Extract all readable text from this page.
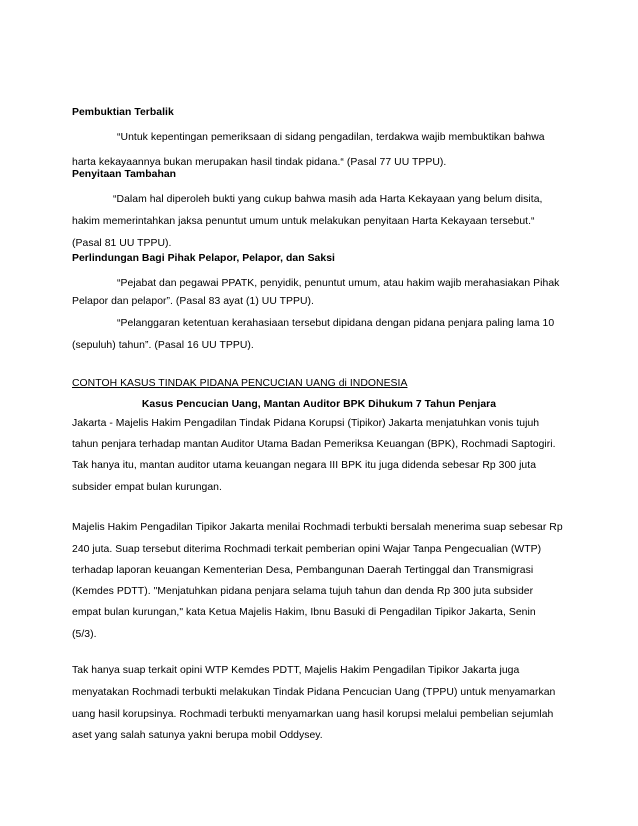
Pembuktian Terbalik
“Untuk kepentingan pemeriksaan di sidang pengadilan, terdakwa wajib membuktikan bahwa
harta kekayaannya bukan merupakan hasil tindak pidana.“ (Pasal 77 UU TPPU).
Penyitaan Tambahan
“Dalam hal diperoleh bukti yang cukup bahwa masih ada Harta Kekayaan yang belum disita,
hakim memerintahkan jaksa penuntut umum untuk melakukan penyitaan Harta Kekayaan tersebut.“
(Pasal 81 UU TPPU).
Perlindungan Bagi Pihak Pelapor, Pelapor, dan Saksi
“Pejabat dan pegawai PPATK, penyidik, penuntut umum, atau hakim wajib merahasiakan Pihak
Pelapor dan pelapor”. (Pasal 83 ayat (1) UU TPPU).
“Pelanggaran ketentuan kerahasiaan tersebut dipidana dengan pidana penjara paling lama 10
(sepuluh) tahun”. (Pasal 16 UU TPPU).
CONTOH KASUS TINDAK PIDANA PENCUCIAN UANG di INDONESIA
Kasus Pencucian Uang, Mantan Auditor BPK Dihukum 7 Tahun Penjara
Jakarta - Majelis Hakim Pengadilan Tindak Pidana Korupsi (Tipikor) Jakarta menjatuhkan vonis tujuh
tahun penjara terhadap mantan Auditor Utama Badan Pemeriksa Keuangan (BPK), Rochmadi Saptogiri.
Tak hanya itu, mantan auditor utama keuangan negara III BPK itu juga didenda sebesar Rp 300 juta
subsider empat bulan kurungan.
Majelis Hakim Pengadilan Tipikor Jakarta menilai Rochmadi terbukti bersalah menerima suap sebesar Rp
240 juta. Suap tersebut diterima Rochmadi terkait pemberian opini Wajar Tanpa Pengecualian (WTP)
terhadap laporan keuangan Kementerian Desa, Pembangunan Daerah Tertinggal dan Transmigrasi
(Kemdes PDTT). "Menjatuhkan pidana penjara selama tujuh tahun dan denda Rp 300 juta subsider
empat bulan kurungan," kata Ketua Majelis Hakim, Ibnu Basuki di Pengadilan Tipikor Jakarta, Senin
(5/3).
Tak hanya suap terkait opini WTP Kemdes PDTT, Majelis Hakim Pengadilan Tipikor Jakarta juga
menyatakan Rochmadi terbukti melakukan Tindak Pidana Pencucian Uang (TPPU) untuk menyamarkan
uang hasil korupsinya. Rochmadi terbukti menyamarkan uang hasil korupsi melalui pembelian sejumlah
aset yang salah satunya yakni berupa mobil Oddysey.
